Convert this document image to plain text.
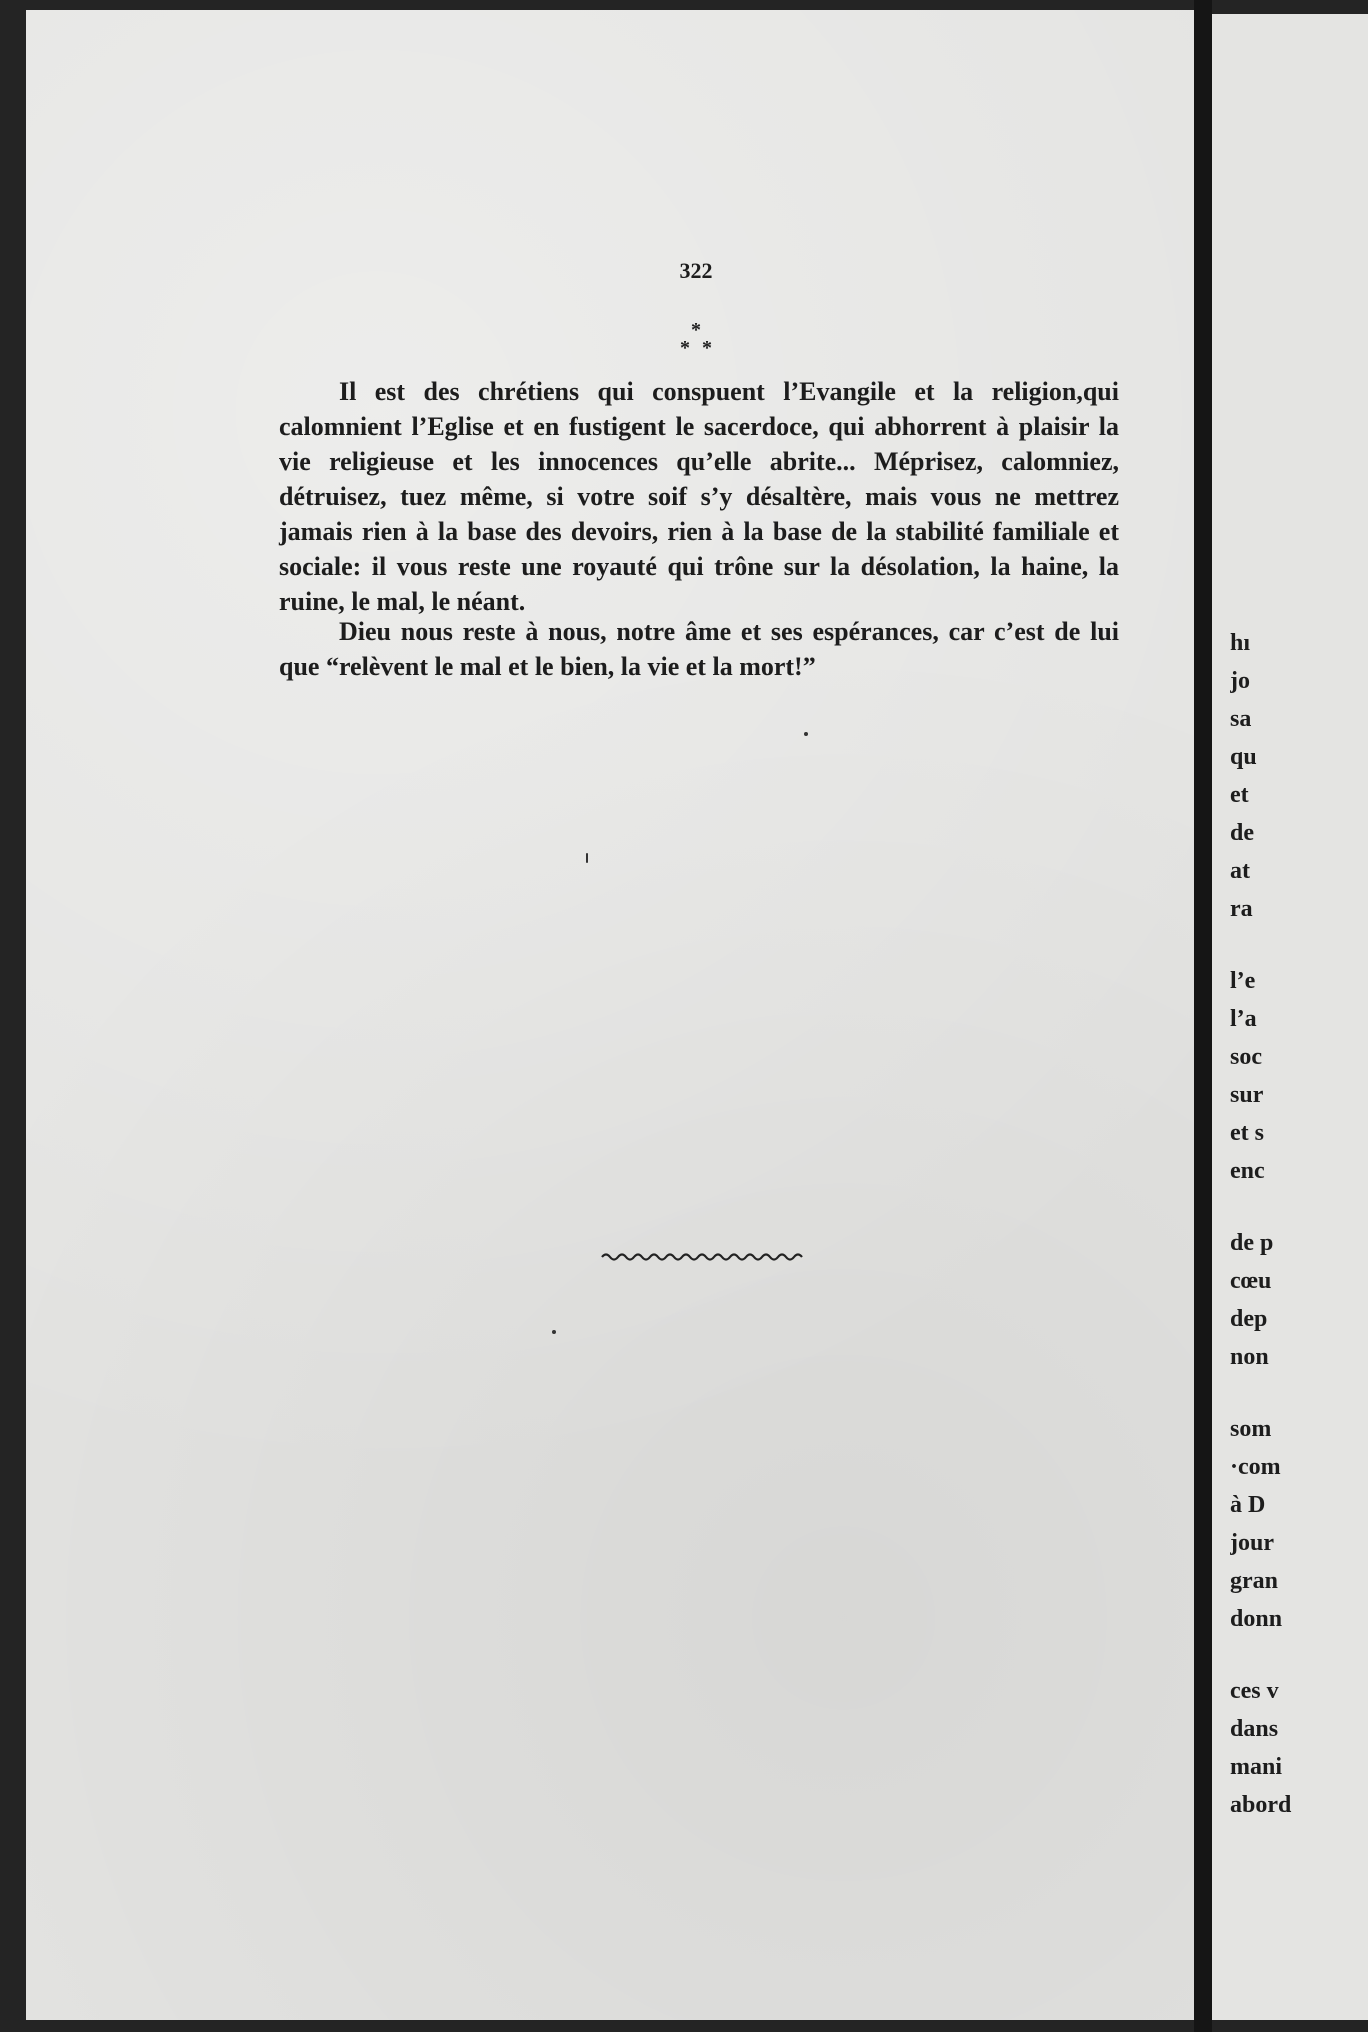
322
*
* *

Il est des chrétiens qui conspuent l’Evangile et la religion,qui calomnient l’Eglise et en fustigent le sacerdoce, qui abhorrent à plaisir la vie religieuse et les innocences qu’elle abrite... Méprisez, calomniez, détruisez, tuez même, si votre soif s’y désaltère, mais vous ne mettrez jamais rien à la base des devoirs, rien à la base de la stabilité familiale et sociale: il vous reste une royauté qui trône sur la désolation, la haine, la ruine, le mal, le néant.

Dieu nous reste à nous, notre âme et ses espérances, car c’est de lui que “relèvent le mal et le bien, la vie et la mort!”

hı
jo
sa
qu
et
de
at
ra
l’e
l’a
soc
sur
et s
enc
de p
cœu
dep
non
som
·com
à D
jour
gran
donn
ces v
dans
mani
abord
